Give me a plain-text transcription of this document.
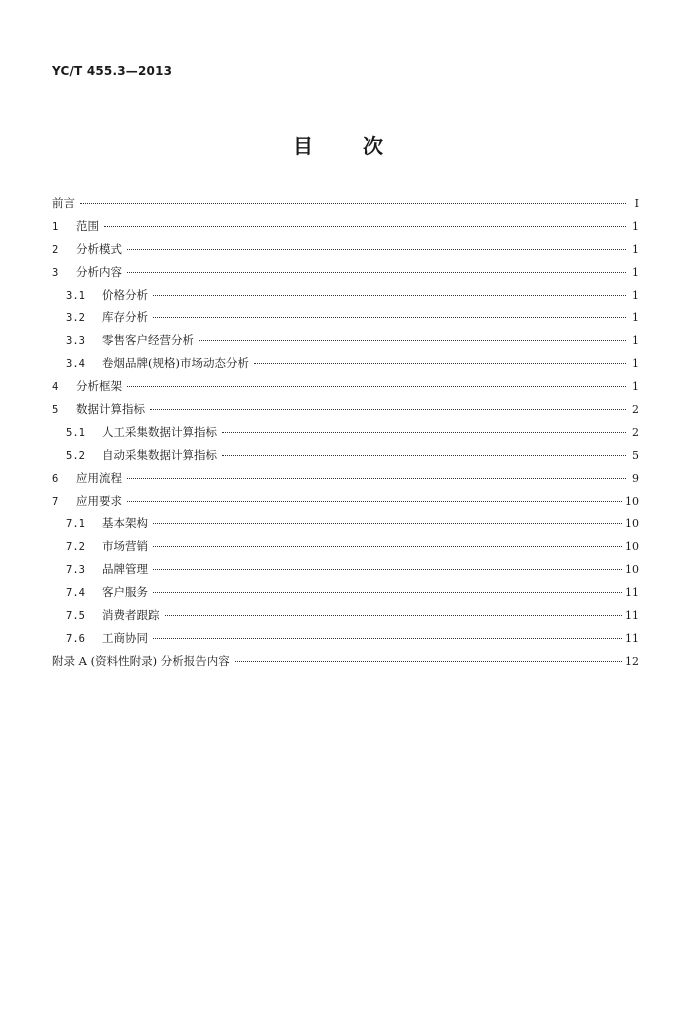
YC/T 455.3—2013
目	次
前言	Ⅰ
1	范围	1
2	分析模式	1
3	分析内容	1
3.1	价格分析	1
3.2	库存分析	1
3.3	零售客户经营分析	1
3.4	卷烟品牌(规格)市场动态分析	1
4	分析框架	1
5	数据计算指标	2
5.1	人工采集数据计算指标	2
5.2	自动采集数据计算指标	5
6	应用流程	9
7	应用要求	10
7.1	基本架构	10
7.2	市场营销	10
7.3	品牌管理	10
7.4	客户服务	11
7.5	消费者跟踪	11
7.6	工商协同	11
附录 A (资料性附录) 分析报告内容	12
